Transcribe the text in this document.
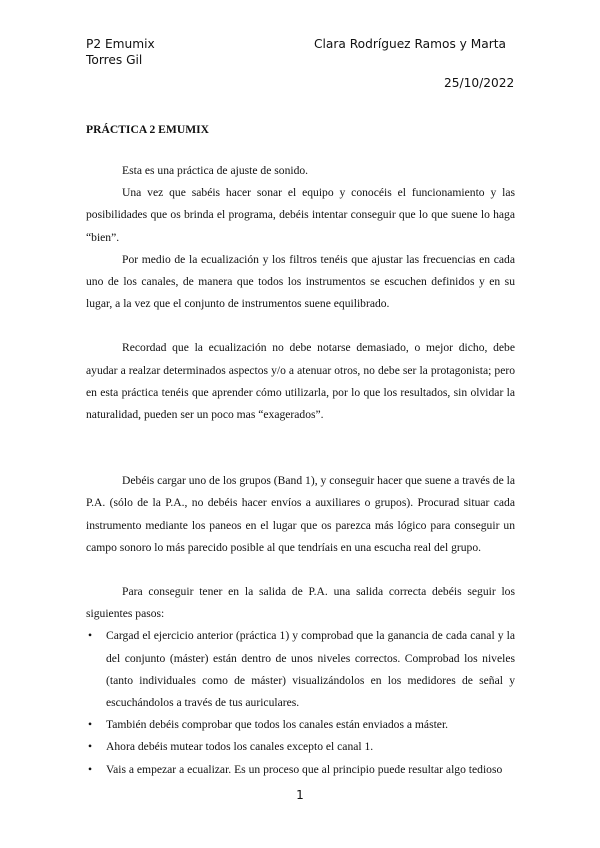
P2 Emumix
Torres Gil
Clara Rodríguez Ramos y Marta
25/10/2022
PRÁCTICA 2 EMUMIX

Esta es una práctica de ajuste de sonido.

Una vez que sabéis hacer sonar el equipo y conocéis el funcionamiento y las posibilidades que os brinda el programa, debéis intentar conseguir que lo que suene lo haga “bien”.

Por medio de la ecualización y los filtros tenéis que ajustar las frecuencias en cada uno de los canales, de manera que todos los instrumentos se escuchen definidos y en su lugar, a la vez que el conjunto de instrumentos suene equilibrado.

Recordad que la ecualización no debe notarse demasiado, o mejor dicho, debe ayudar a realzar determinados aspectos y/o a atenuar otros, no debe ser la protagonista; pero en esta práctica tenéis que aprender cómo utilizarla, por lo que los resultados, sin olvidar la naturalidad, pueden ser un poco mas “exagerados”.

Debéis cargar uno de los grupos (Band 1), y conseguir hacer que suene a través de la P.A. (sólo de la P.A., no debéis hacer envíos a auxiliares o grupos). Procurad situar cada instrumento mediante los paneos en el lugar que os parezca más lógico para conseguir un campo sonoro lo más parecido posible al que tendríais en una escucha real del grupo.

Para conseguir tener en la salida de P.A. una salida correcta debéis seguir los siguientes pasos:

• Cargad el ejercicio anterior (práctica 1) y comprobad que la ganancia de cada canal y la del conjunto (máster) están dentro de unos niveles correctos. Comprobad los niveles (tanto individuales como de máster) visualizándolos en los medidores de señal y escuchándolos a través de tus auriculares.
• También debéis comprobar que todos los canales están enviados a máster.
• Ahora debéis mutear todos los canales excepto el canal 1.
• Vais a empezar a ecualizar. Es un proceso que al principio puede resultar algo tedioso
1
